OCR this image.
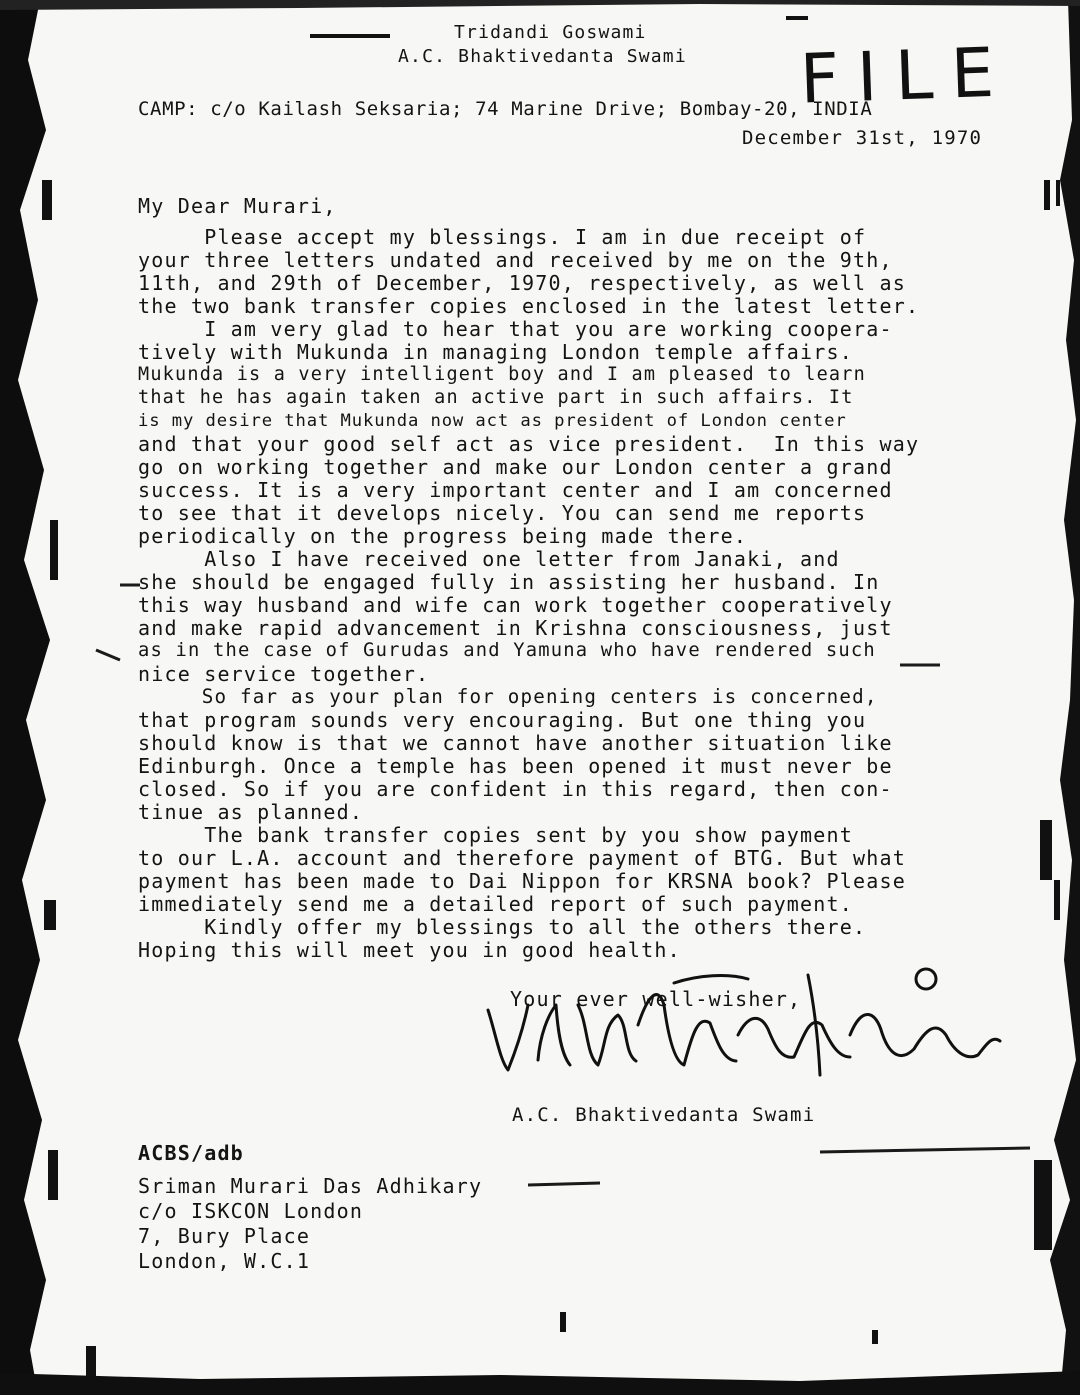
Tridandi Goswami
A.C. Bhaktivedanta Swami FILE
CAMP: c/o Kailash Seksaria; 74 Marine Drive; Bombay-20, INDIA
December 31st, 1970
My Dear Murari,
Please accept my blessings. I am in due receipt of
your three letters undated and received by me on the 9th,
11th, and 29th of December, 1970, respectively, as well as
the two bank transfer copies enclosed in the latest letter.
I am very glad to hear that you are working coopera-
tively with Mukunda in managing London temple affairs.
Mukunda is a very intelligent boy and I am pleased to learn
that he has again taken an active part in such affairs. It
is my desire that Mukunda now act as president of London center
and that your good self act as vice president.  In this way
go on working together and make our London center a grand
success. It is a very important center and I am concerned
to see that it develops nicely. You can send me reports
periodically on the progress being made there.
Also I have received one letter from Janaki, and
she should be engaged fully in assisting her husband. In
this way husband and wife can work together cooperatively
and make rapid advancement in Krishna consciousness, just
as in the case of Gurudas and Yamuna who have rendered such
nice service together.
So far as your plan for opening centers is concerned,
that program sounds very encouraging. But one thing you
should know is that we cannot have another situation like
Edinburgh. Once a temple has been opened it must never be
closed. So if you are confident in this regard, then con-
tinue as planned.
The bank transfer copies sent by you show payment
to our L.A. account and therefore payment of BTG. But what
payment has been made to Dai Nippon for KRSNA book? Please
immediately send me a detailed report of such payment.
Kindly offer my blessings to all the others there.
Hoping this will meet you in good health.
Your ever well-wisher,
A.C. Bhaktivedanta Swami
ACBS/adb
Sriman Murari Das Adhikary
c/o ISKCON London
7, Bury Place
London, W.C.1
